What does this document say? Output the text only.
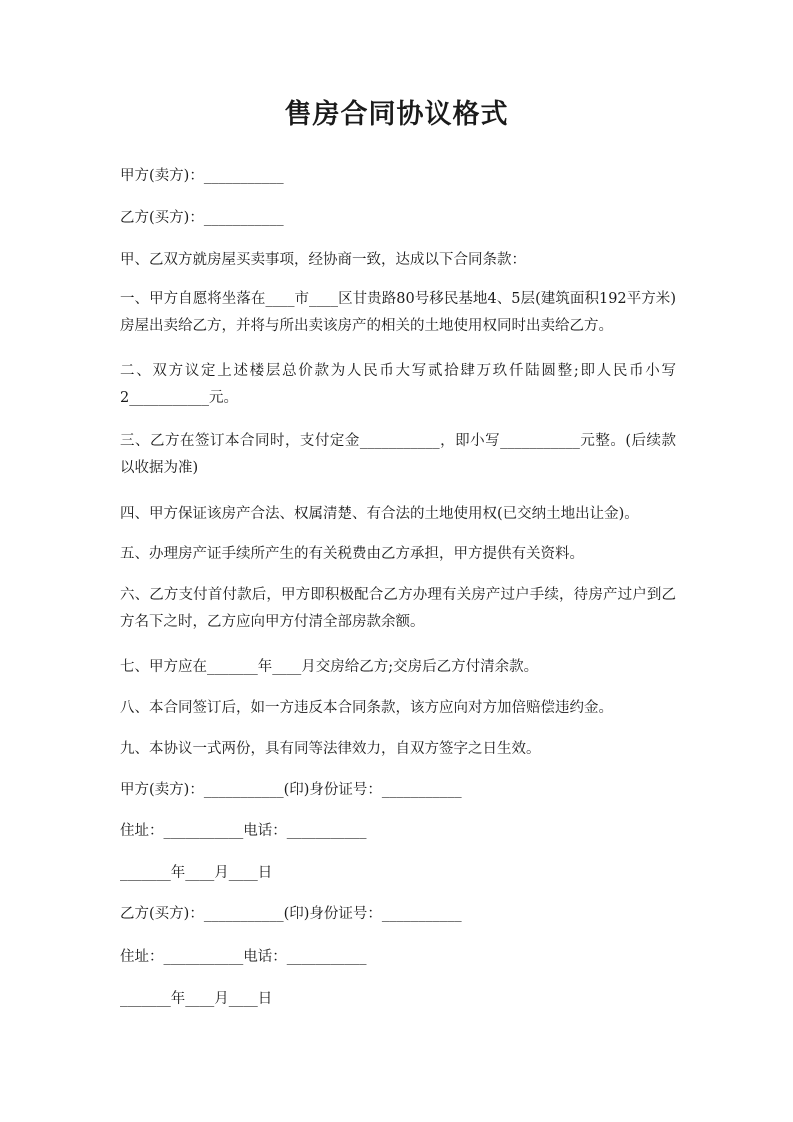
售房合同协议格式

甲方(卖方)：___________

乙方(买方)：___________

甲、乙双方就房屋买卖事项，经协商一致，达成以下合同条款：

一、甲方自愿将坐落在____市____区甘贵路80号移民基地4、5层(建筑面积192平方米)房屋出卖给乙方，并将与所出卖该房产的相关的土地使用权同时出卖给乙方。

二、双方议定上述楼层总价款为人民币大写贰拾肆万玖仟陆圆整;即人民币小写2___________元。

三、乙方在签订本合同时，支付定金___________，即小写___________元整。(后续款以收据为准)

四、甲方保证该房产合法、权属清楚、有合法的土地使用权(已交纳土地出让金)。

五、办理房产证手续所产生的有关税费由乙方承担，甲方提供有关资料。

六、乙方支付首付款后，甲方即积极配合乙方办理有关房产过户手续，待房产过户到乙方名下之时，乙方应向甲方付清全部房款余额。

七、甲方应在_______年____月交房给乙方;交房后乙方付清余款。

八、本合同签订后，如一方违反本合同条款，该方应向对方加倍赔偿违约金。

九、本协议一式两份，具有同等法律效力，自双方签字之日生效。

甲方(卖方)：___________(印)身份证号：___________

住址：___________电话：___________

_______年____月____日

乙方(买方)：___________(印)身份证号：___________

住址：___________电话：___________

_______年____月____日
